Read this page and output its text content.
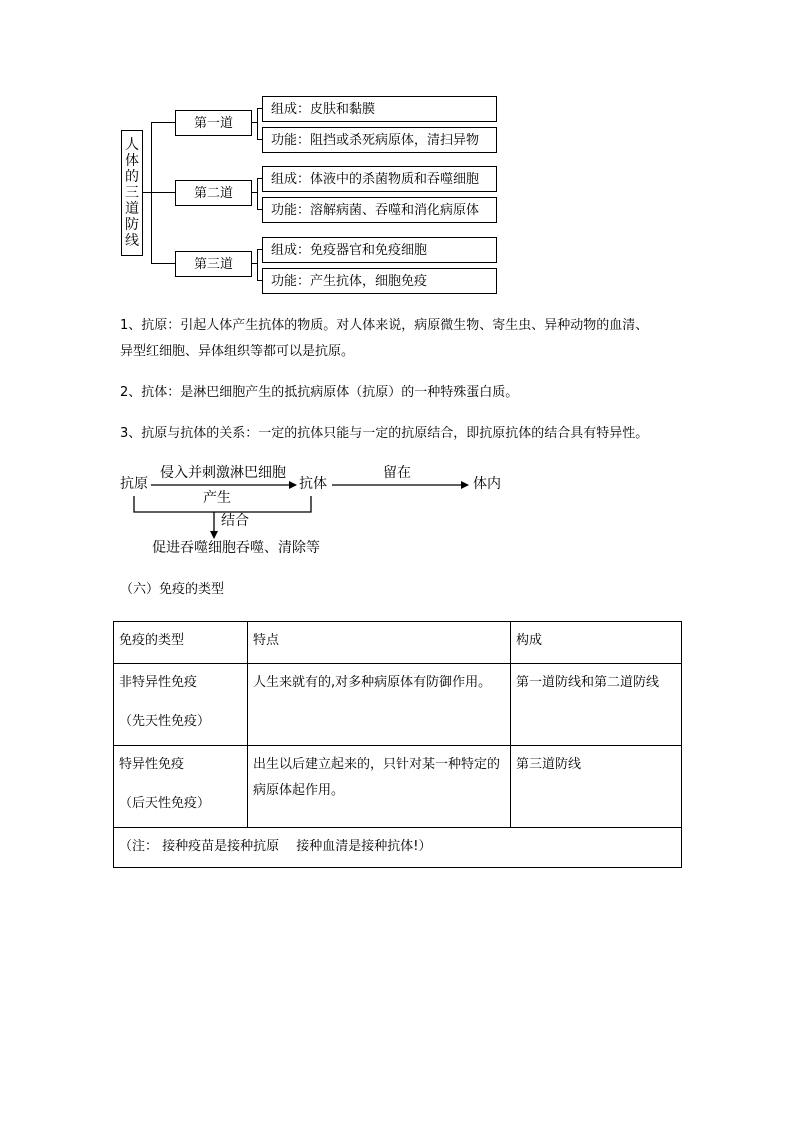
人
体
的
三
道
防
线
第一道
第二道
第三道
组成：皮肤和黏膜
功能：阻挡或杀死病原体，清扫异物
组成：体液中的杀菌物质和吞噬细胞
功能：溶解病菌、吞噬和消化病原体
组成：免疫器官和免疫细胞
功能：产生抗体，细胞免疫
1、抗原：引起人体产生抗体的物质。对人体来说，病原微生物、寄生虫、异种动物的血清、
异型红细胞、异体组织等都可以是抗原。
2、抗体：是淋巴细胞产生的抵抗病原体（抗原）的一种特殊蛋白质。
3、抗原与抗体的关系：一定的抗体只能与一定的抗原结合，即抗原抗体的结合具有特异性。
抗原
侵入并刺激淋巴细胞
产生
抗体
留在
体内
结合
促进吞噬细胞吞噬、清除等
（六）免疫的类型
免疫的类型	特点	构成

非特异性免疫
（先天性免疫）	人生来就有的,对多种病原体有防御作用。	第一道防线和第二道防线

特异性免疫
（后天性免疫）	出生以后建立起来的，只针对某一种特定的病原体起作用。	第三道防线
（注： 接种疫苗是接种抗原　 接种血清是接种抗体!）		
